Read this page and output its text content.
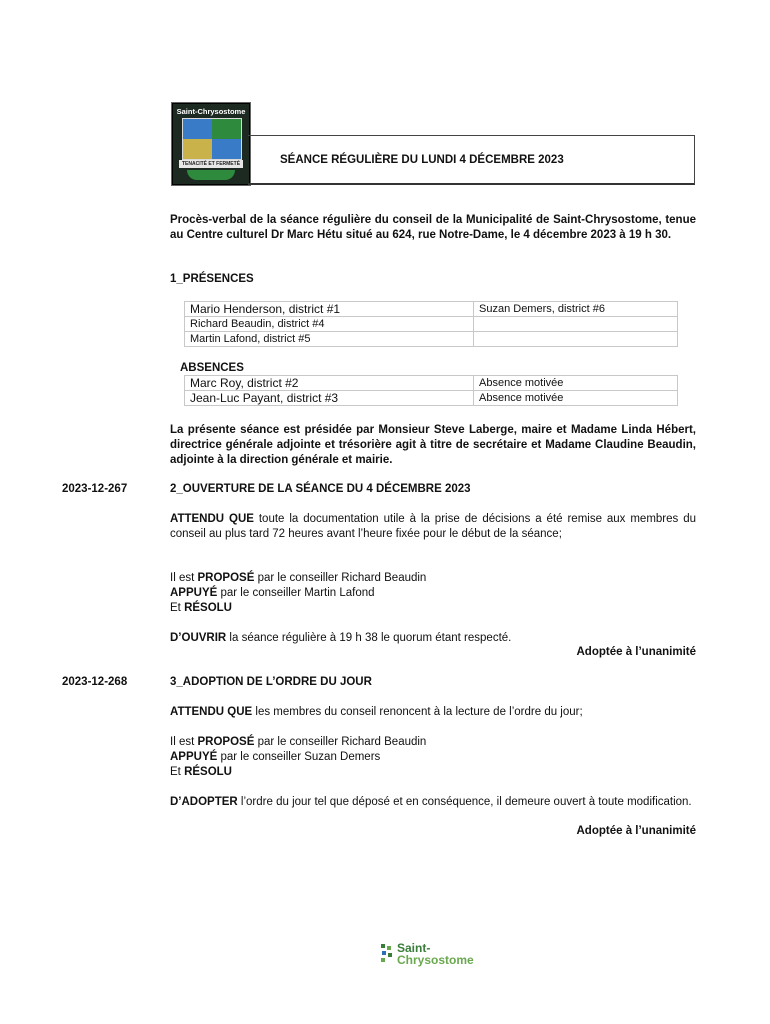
Saint-Chrysostome
TENACITÉ ET FERMETÉ	SÉANCE RÉGULIÈRE DU LUNDI 4 DÉCEMBRE 2023
Procès-verbal de la séance régulière du conseil de la Municipalité de Saint-Chrysostome, tenue au Centre culturel Dr Marc Hétu situé au 624, rue Notre-Dame, le 4 décembre 2023 à 19 h 30.
1_PRÉSENCES
Mario Henderson, district #1	Suzan Demers, district #6
Richard Beaudin, district #4	
Martin Lafond, district #5	
ABSENCES
Marc Roy, district #2	Absence motivée
Jean-Luc Payant, district #3	Absence motivée
La présente séance est présidée par Monsieur Steve Laberge, maire et Madame Linda Hébert, directrice générale adjointe et trésorière agit à titre de secrétaire et Madame Claudine Beaudin, adjointe à la direction générale et mairie.
2023-12-267	2_OUVERTURE DE LA SÉANCE DU 4 DÉCEMBRE 2023
ATTENDU QUE toute la documentation utile à la prise de décisions a été remise aux membres du conseil au plus tard 72 heures avant l’heure fixée pour le début de la séance;
Il est PROPOSÉ par le conseiller Richard Beaudin
APPUYÉ par le conseiller Martin Lafond
Et RÉSOLU
D’OUVRIR la séance régulière à 19 h 38 le quorum étant respecté.
Adoptée à l’unanimité
2023-12-268	3_ADOPTION DE L’ORDRE DU JOUR
ATTENDU QUE les membres du conseil renoncent à la lecture de l’ordre du jour;
Il est PROPOSÉ par le conseiller Richard Beaudin
APPUYÉ par le conseiller Suzan Demers
Et RÉSOLU
D’ADOPTER l’ordre du jour tel que déposé et en conséquence, il demeure ouvert à toute modification.
Adoptée à l’unanimité
Saint-
Chrysostome
